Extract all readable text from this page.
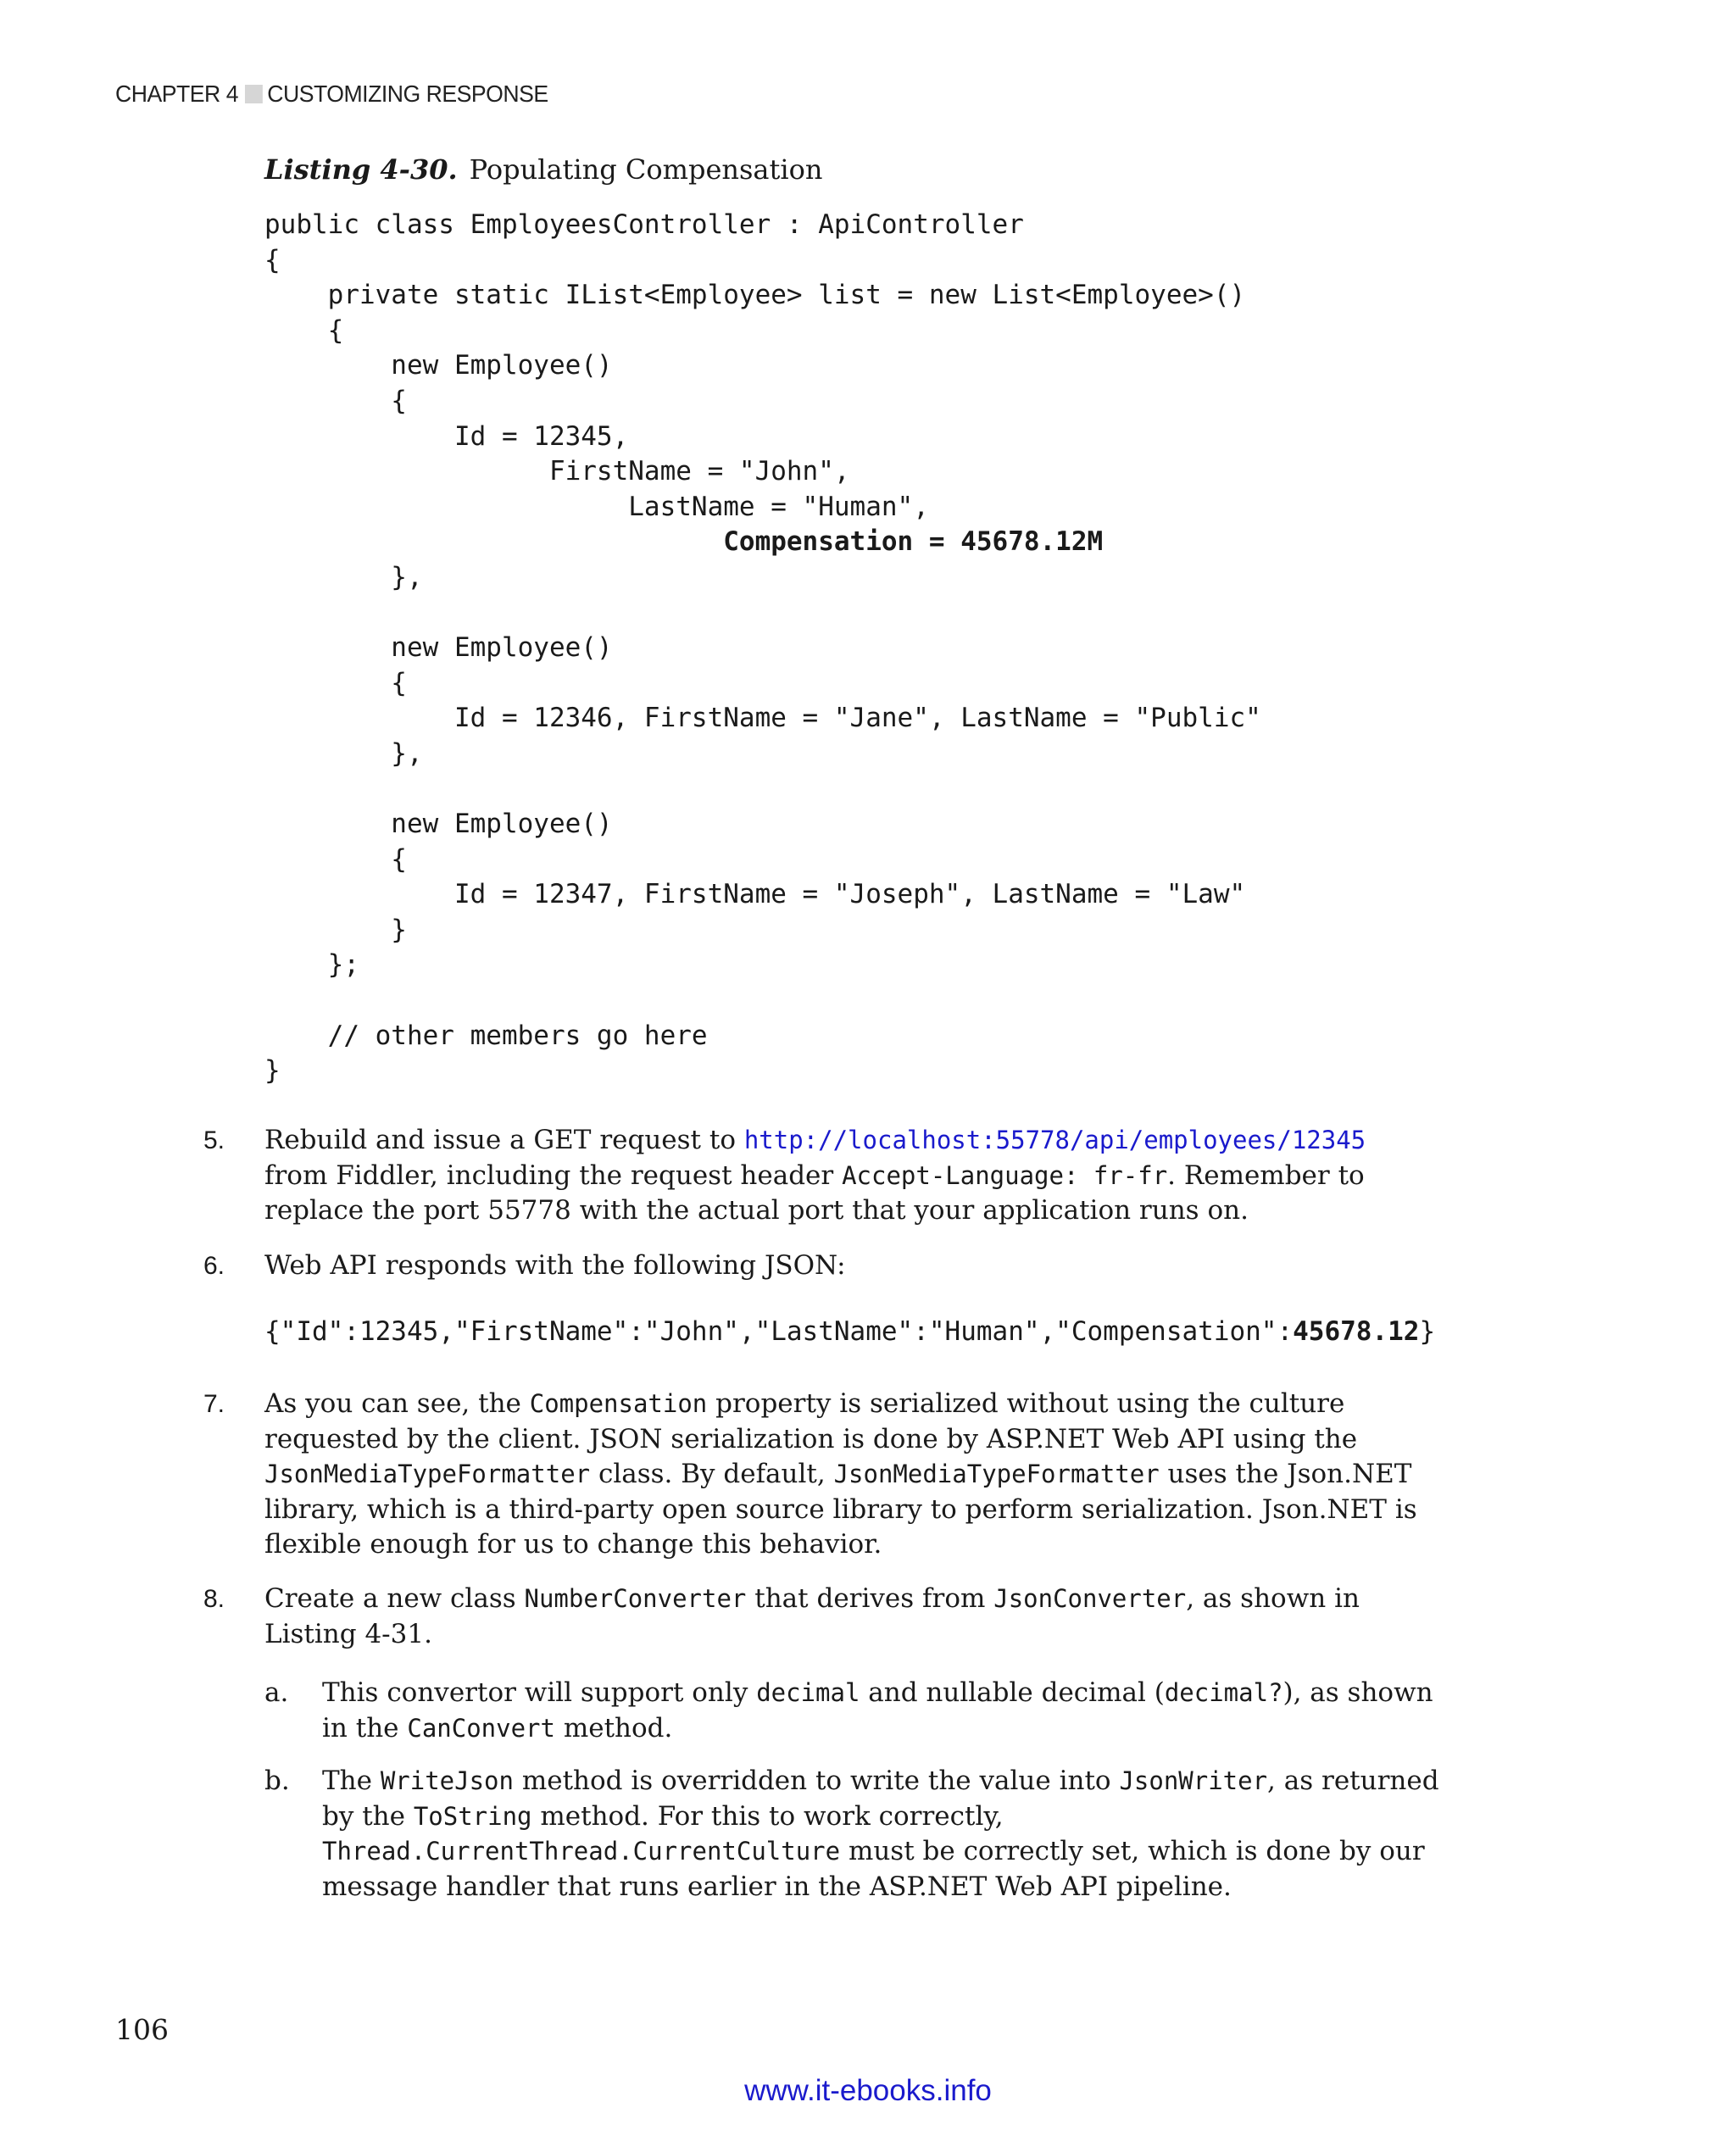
CHAPTER 4 CUSTOMIZING RESPONSE
Listing 4-30. Populating Compensation
public class EmployeesController : ApiController
{
private static IList<Employee> list = new List<Employee>()
{
new Employee()
{
Id = 12345,
FirstName = "John",
LastName = "Human",
Compensation = 45678.12M
},
new Employee()
{
Id = 12346, FirstName = "Jane", LastName = "Public"
},
new Employee()
{
Id = 12347, FirstName = "Joseph", LastName = "Law"
}
};
// other members go here
}
5. Rebuild and issue a GET request to http://localhost:55778/api/employees/12345 from Fiddler, including the request header Accept-Language: fr-fr. Remember to replace the port 55778 with the actual port that your application runs on.
6. Web API responds with the following JSON:
{"Id":12345,"FirstName":"John","LastName":"Human","Compensation":45678.12}
7. As you can see, the Compensation property is serialized without using the culture requested by the client. JSON serialization is done by ASP.NET Web API using the JsonMediaTypeFormatter class. By default, JsonMediaTypeFormatter uses the Json.NET library, which is a third-party open source library to perform serialization. Json.NET is flexible enough for us to change this behavior.
8. Create a new class NumberConverter that derives from JsonConverter, as shown in Listing 4-31.
a. This convertor will support only decimal and nullable decimal (decimal?), as shown in the CanConvert method.
b. The WriteJson method is overridden to write the value into JsonWriter, as returned by the ToString method. For this to work correctly, Thread.CurrentThread.CurrentCulture must be correctly set, which is done by our message handler that runs earlier in the ASP.NET Web API pipeline.
106
www.it-ebooks.info
